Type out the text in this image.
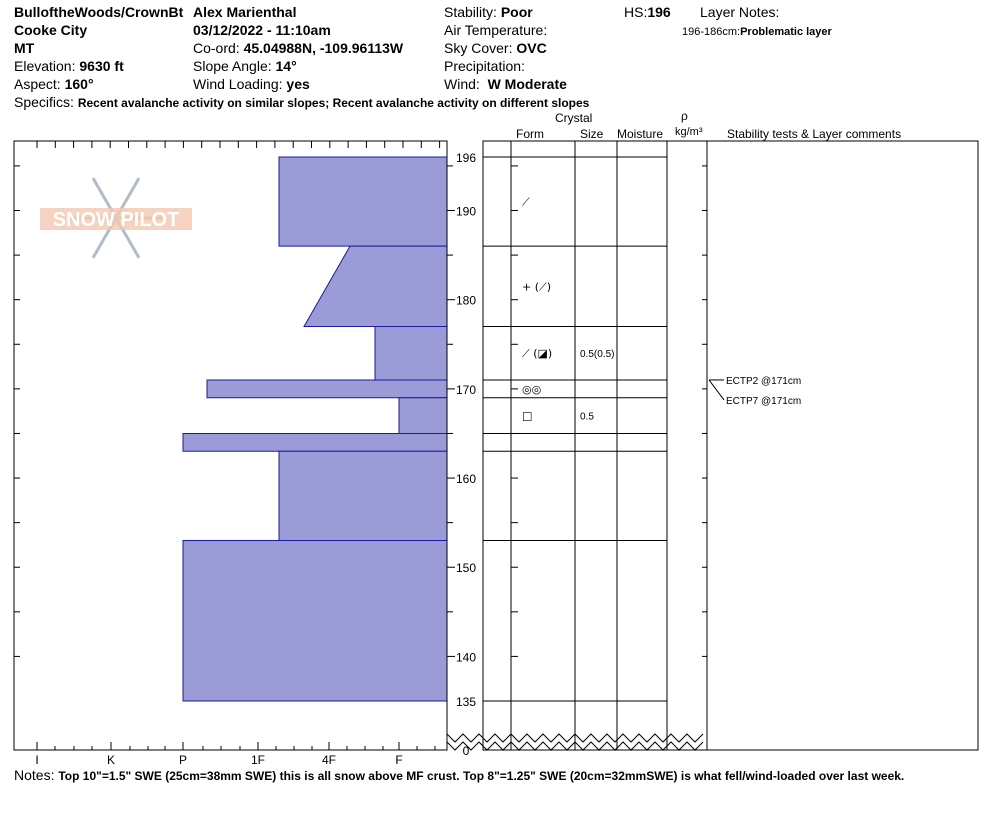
BulloftheWoods/CrownBt Alex Marienthal
Cooke City	03/12/2022 - 11:10am
MT	Co-ord: 45.04988N, -109.96113W
Elevation: 9630 ft	Slope Angle: 14°
Aspect: 160°	Wind Loading: yes
Stability: Poor
Air Temperature:
Sky Cover: OVC
Precipitation:
Wind: W Moderate
HS:196 Layer Notes:
196-186cm:Problematic layer
Specifics: Recent avalanche activity on similar slopes; Recent avalanche activity on different slopes
Crystal
Form	Size Moisture
ρ
kg/m³ Stability tests & Layer comments
SNOW PILOT
196
190
180
170
160
150
140
135
0
I	K	P	1F	4F	F
⟋
+ (⟋)
⟋ (◪)	0.5(0.5)
◎◎
□	0.5
ECTP2 @171cm
ECTP7 @171cm
Notes: Top 10"=1.5" SWE (25cm=38mm SWE) this is all snow above MF crust. Top 8"=1.25" SWE (20cm=32mmSWE) is what fell/wind-loaded over last week.
